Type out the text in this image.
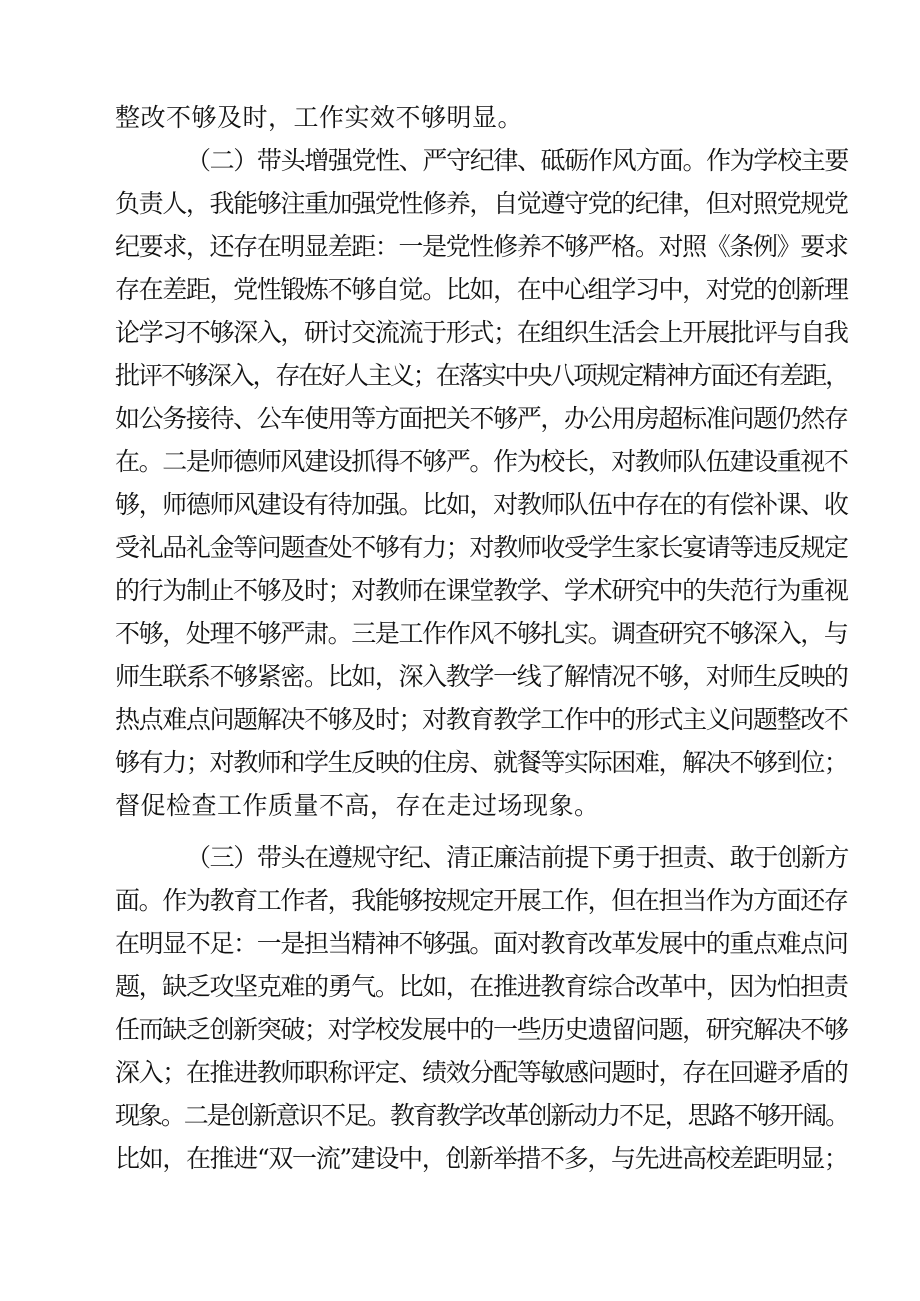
整改不够及时，工作实效不够明显。
（二）带头增强党性、严守纪律、砥砺作风方面。作为学校主要
负责人，我能够注重加强党性修养，自觉遵守党的纪律，但对照党规党
纪要求，还存在明显差距：一是党性修养不够严格。对照《条例》要求
存在差距，党性锻炼不够自觉。比如，在中心组学习中，对党的创新理
论学习不够深入，研讨交流流于形式；在组织生活会上开展批评与自我
批评不够深入，存在好人主义；在落实中央八项规定精神方面还有差距，
如公务接待、公车使用等方面把关不够严，办公用房超标准问题仍然存
在。二是师德师风建设抓得不够严。作为校长，对教师队伍建设重视不
够，师德师风建设有待加强。比如，对教师队伍中存在的有偿补课、收
受礼品礼金等问题查处不够有力；对教师收受学生家长宴请等违反规定
的行为制止不够及时；对教师在课堂教学、学术研究中的失范行为重视
不够，处理不够严肃。三是工作作风不够扎实。调查研究不够深入，与
师生联系不够紧密。比如，深入教学一线了解情况不够，对师生反映的
热点难点问题解决不够及时；对教育教学工作中的形式主义问题整改不
够有力；对教师和学生反映的住房、就餐等实际困难，解决不够到位；
督促检查工作质量不高，存在走过场现象。
（三）带头在遵规守纪、清正廉洁前提下勇于担责、敢于创新方
面。作为教育工作者，我能够按规定开展工作，但在担当作为方面还存
在明显不足：一是担当精神不够强。面对教育改革发展中的重点难点问
题，缺乏攻坚克难的勇气。比如，在推进教育综合改革中，因为怕担责
任而缺乏创新突破；对学校发展中的一些历史遗留问题，研究解决不够
深入；在推进教师职称评定、绩效分配等敏感问题时，存在回避矛盾的
现象。二是创新意识不足。教育教学改革创新动力不足，思路不够开阔。
比如，在推进“双一流”建设中，创新举措不多，与先进高校差距明显；
